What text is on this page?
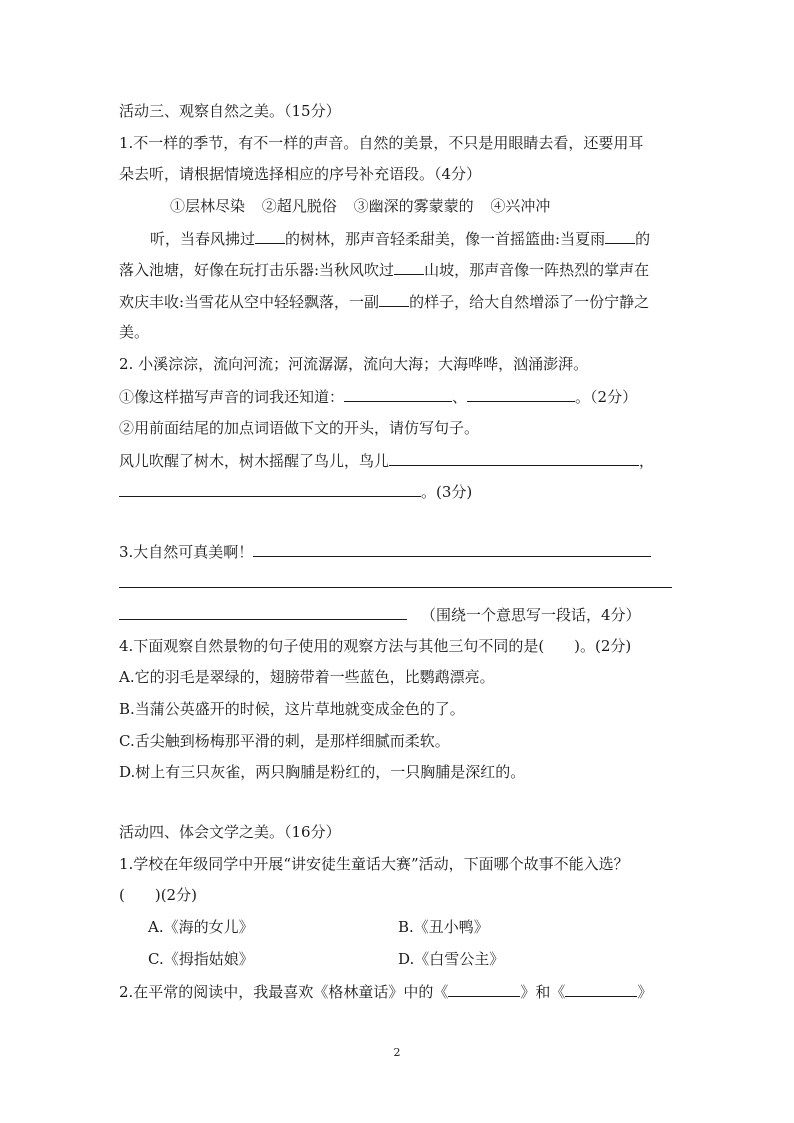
活动三、观察自然之美。（15分）
1.不一样的季节，有不一样的声音。自然的美景，不只是用眼睛去看，还要用耳
朵去听，请根据情境选择相应的序号补充语段。（4分）
①层林尽染 ②超凡脱俗 ③幽深的雾蒙蒙的 ④兴冲冲
听，当春风拂过 的树林，那声音轻柔甜美，像一首摇篮曲:当夏雨 的
落入池塘，好像在玩打击乐器:当秋风吹过 山坡，那声音像一阵热烈的掌声在
欢庆丰收:当雪花从空中轻轻飘落，一副 的样子，给大自然增添了一份宁静之
美。
2. 小溪淙淙，流向河流；河流潺潺，流向大海；大海哗哗，汹涌澎湃。
①像这样描写声音的词我还知道：	、	。（2分）
②用前面结尾的加点词语做下文的开头，请仿写句子。
风儿吹醒了树木，树木摇醒了鸟儿，鸟儿	，
。(3分)
3.大自然可真美啊！
（围绕一个意思写一段话，4分）
4.下面观察自然景物的句子使用的观察方法与其他三句不同的是(　　)。(2分)
A.它的羽毛是翠绿的，翅膀带着一些蓝色，比鹦鹉漂亮。
B.当蒲公英盛开的时候，这片草地就变成金色的了。
C.舌尖触到杨梅那平滑的刺，是那样细腻而柔软。
D.树上有三只灰雀，两只胸脯是粉红的，一只胸脯是深红的。
活动四、体会文学之美。（16分）
1.学校在年级同学中开展“讲安徒生童话大赛”活动，下面哪个故事不能入选？
(　　)(2分)
A.《海的女儿》	B.《丑小鸭》
C.《拇指姑娘》	D.《白雪公主》
2.在平常的阅读中，我最喜欢《格林童话》中的《	》和《	》
2
